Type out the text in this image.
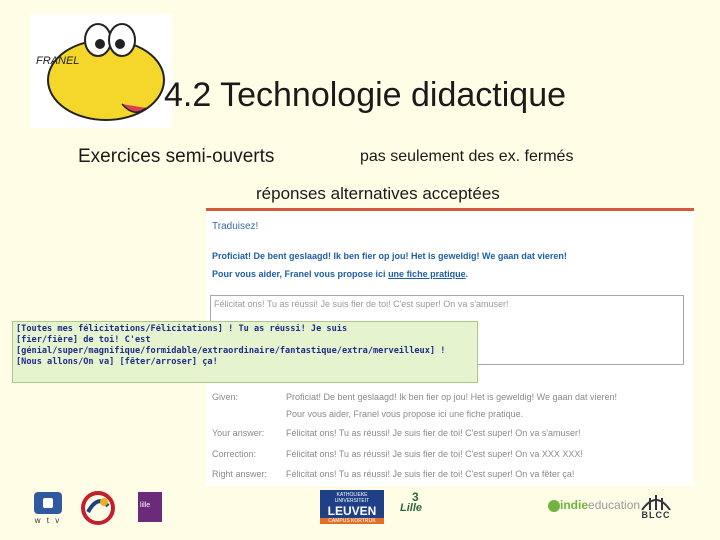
FRANEL
4.2 Technologie didactique
Exercices semi-ouverts	pas seulement des ex. fermés
réponses alternatives acceptées
Traduisez!
Proficiat! De bent geslaagd! Ik ben fier op jou! Het is geweldig! We gaan dat vieren!
Pour vous aider, Franel vous propose ici une fiche pratique.
Félicitat ons! Tu as réussi! Je suis fier de toi! C'est super! On va s'amuser!
Given:	Proficiat! De bent geslaagd! Ik ben fier op jou! Het is geweldig! We gaan dat vieren!
Pour vous aider, Franel vous propose ici une fiche pratique.
Your answer: Félicitat ons! Tu as réussi! Je suis fier de toi! C'est super! On va s'amuser!
Correction:	Félicitat ons! Tu as réussi! Je suis fier de toi! C'est super! On va XXX XXX!
Right answer: Félicitat ons! Tu as réussi! Je suis fier de toi! C'est super! On va fêter ça!
[Toutes mes félicitations/Félicitations] ! Tu as réussi! Je suis
[fier/fière] de toi! C'est
[génial/super/magnifique/formidable/extraordinaire/fantastique/extra/merveilleux] !
[Nous allons/On va] [fêter/arroser] ça!
w t v
lille
KATHOLIEKE UNIVERSITEIT
LEUVEN
CAMPUS KORTRIJK
3
Lille	indieeducation
BLCC
